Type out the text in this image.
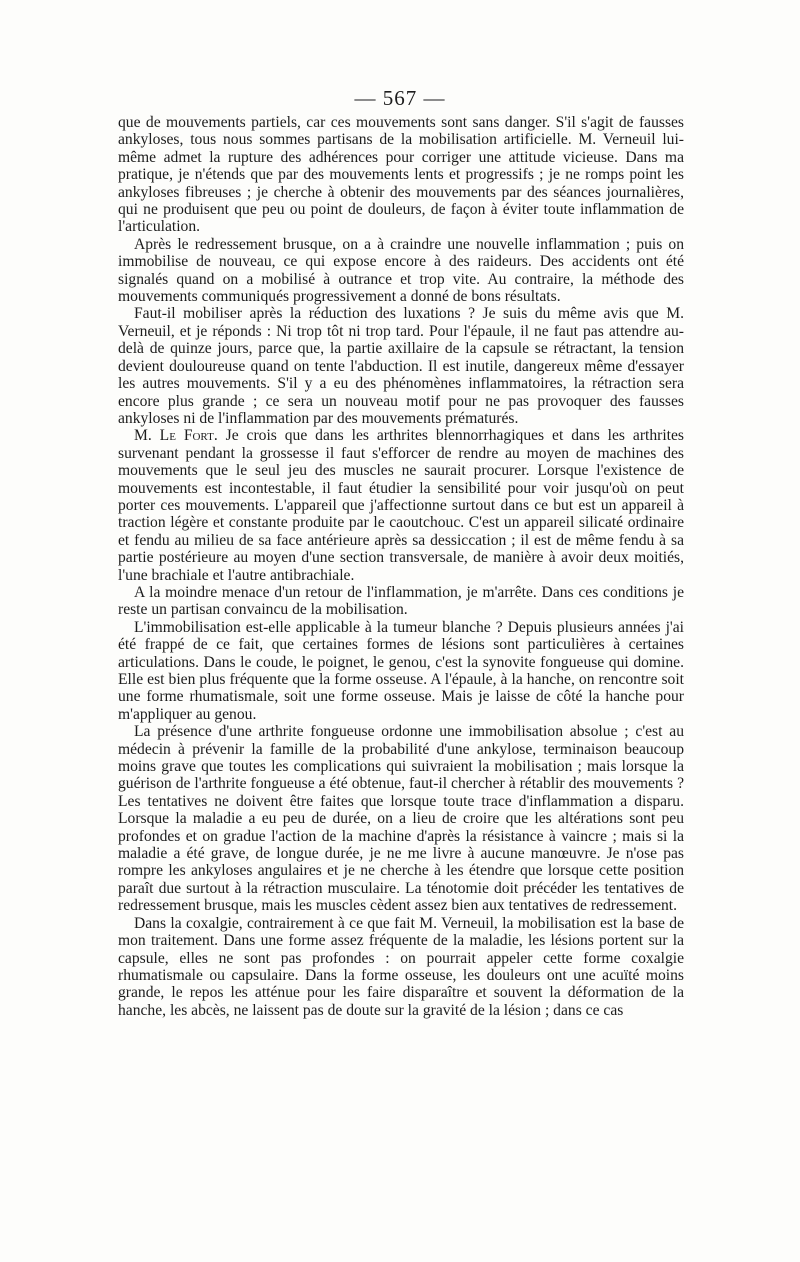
— 567 —

que de mouvements partiels, car ces mouvements sont sans danger. S'il s'agit de fausses ankyloses, tous nous sommes partisans de la mobilisation artificielle. M. Verneuil lui-même admet la rupture des adhérences pour corriger une attitude vicieuse. Dans ma pratique, je n'étends que par des mouvements lents et progressifs ; je ne romps point les ankyloses fibreuses ; je cherche à obtenir des mouvements par des séances journalières, qui ne produisent que peu ou point de douleurs, de façon à éviter toute inflammation de l'articulation.

Après le redressement brusque, on a à craindre une nouvelle inflammation ; puis on immobilise de nouveau, ce qui expose encore à des raideurs. Des accidents ont été signalés quand on a mobilisé à outrance et trop vite. Au contraire, la méthode des mouvements communiqués progressivement a donné de bons résultats.

Faut-il mobiliser après la réduction des luxations ? Je suis du même avis que M. Verneuil, et je réponds : Ni trop tôt ni trop tard. Pour l'épaule, il ne faut pas attendre au-delà de quinze jours, parce que, la partie axillaire de la capsule se rétractant, la tension devient douloureuse quand on tente l'abduction. Il est inutile, dangereux même d'essayer les autres mouvements. S'il y a eu des phénomènes inflammatoires, la rétraction sera encore plus grande ; ce sera un nouveau motif pour ne pas provoquer des fausses ankyloses ni de l'inflammation par des mouvements prématurés.

M. Le Fort. Je crois que dans les arthrites blennorrhagiques et dans les arthrites survenant pendant la grossesse il faut s'efforcer de rendre au moyen de machines des mouvements que le seul jeu des muscles ne saurait procurer. Lorsque l'existence de mouvements est incontestable, il faut étudier la sensibilité pour voir jusqu'où on peut porter ces mouvements. L'appareil que j'affectionne surtout dans ce but est un appareil à traction légère et constante produite par le caoutchouc. C'est un appareil silicaté ordinaire et fendu au milieu de sa face antérieure après sa dessiccation ; il est de même fendu à sa partie postérieure au moyen d'une section transversale, de manière à avoir deux moitiés, l'une brachiale et l'autre antibrachiale.

A la moindre menace d'un retour de l'inflammation, je m'arrête. Dans ces conditions je reste un partisan convaincu de la mobilisation.

L'immobilisation est-elle applicable à la tumeur blanche ? Depuis plusieurs années j'ai été frappé de ce fait, que certaines formes de lésions sont particulières à certaines articulations. Dans le coude, le poignet, le genou, c'est la synovite fongueuse qui domine. Elle est bien plus fréquente que la forme osseuse. A l'épaule, à la hanche, on rencontre soit une forme rhumatismale, soit une forme osseuse. Mais je laisse de côté la hanche pour m'appliquer au genou.

La présence d'une arthrite fongueuse ordonne une immobilisation absolue ; c'est au médecin à prévenir la famille de la probabilité d'une ankylose, terminaison beaucoup moins grave que toutes les complications qui suivraient la mobilisation ; mais lorsque la guérison de l'arthrite fongueuse a été obtenue, faut-il chercher à rétablir des mouvements ? Les tentatives ne doivent être faites que lorsque toute trace d'inflammation a disparu. Lorsque la maladie a eu peu de durée, on a lieu de croire que les altérations sont peu profondes et on gradue l'action de la machine d'après la résistance à vaincre ; mais si la maladie a été grave, de longue durée, je ne me livre à aucune manœuvre. Je n'ose pas rompre les ankyloses angulaires et je ne cherche à les étendre que lorsque cette position paraît due surtout à la rétraction musculaire. La ténotomie doit précéder les tentatives de redressement brusque, mais les muscles cèdent assez bien aux tentatives de redressement.

Dans la coxalgie, contrairement à ce que fait M. Verneuil, la mobilisation est la base de mon traitement. Dans une forme assez fréquente de la maladie, les lésions portent sur la capsule, elles ne sont pas profondes : on pourrait appeler cette forme coxalgie rhumatismale ou capsulaire. Dans la forme osseuse, les douleurs ont une acuïté moins grande, le repos les atténue pour les faire disparaître et souvent la déformation de la hanche, les abcès, ne laissent pas de doute sur la gravité de la lésion ; dans ce cas
